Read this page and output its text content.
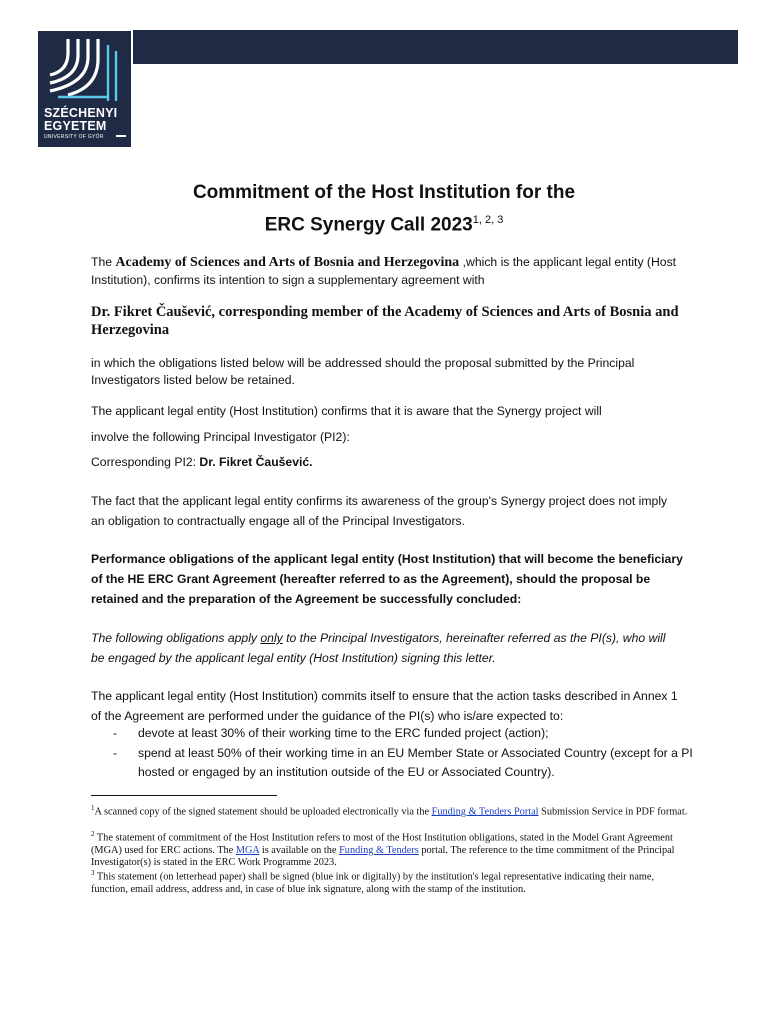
SZÉCHENYI
EGYETEM
UNIVERSITY OF GYŐR
Commitment of the Host Institution for the
ERC Synergy Call 2023$^{1, 2, 3}$
The Academy of Sciences and Arts of Bosnia and Herzegovina ,which is the applicant legal entity (Host Institution), confirms its intention to sign a supplementary agreement with
Dr. Fikret Čaušević, corresponding member of the Academy of Sciences and Arts of Bosnia and Herzegovina
in which the obligations listed below will be addressed should the proposal submitted by the Principal Investigators listed below be retained.
The applicant legal entity (Host Institution) confirms that it is aware that the Synergy project will
involve the following Principal Investigator (PI2):
Corresponding PI2: Dr. Fikret Čaušević.
The fact that the applicant legal entity confirms its awareness of the group's Synergy project does not imply an obligation to contractually engage all of the Principal Investigators.
Performance obligations of the applicant legal entity (Host Institution) that will become the beneficiary of the HE ERC Grant Agreement (hereafter referred to as the Agreement), should the proposal be retained and the preparation of the Agreement be successfully concluded:
The following obligations apply only to the Principal Investigators, hereinafter referred as the PI(s), who will be engaged by the applicant legal entity (Host Institution) signing this letter.
The applicant legal entity (Host Institution) commits itself to ensure that the action tasks described in Annex 1 of the Agreement are performed under the guidance of the PI(s) who is/are expected to:
- devote at least 30% of their working time to the ERC funded project (action);
- spend at least 50% of their working time in an EU Member State or Associated Country (except for a PI hosted or engaged by an institution outside of the EU or Associated Country).
$^1$A scanned copy of the signed statement should be uploaded electronically via the Funding & Tenders Portal Submission Service in PDF format.
$^2$ The statement of commitment of the Host Institution refers to most of the Host Institution obligations, stated in the Model Grant Agreement (MGA) used for ERC actions. The MGA is available on the Funding & Tenders portal. The reference to the time commitment of the Principal Investigator(s) is stated in the ERC Work Programme 2023.
$^3$ This statement (on letterhead paper) shall be signed (blue ink or digitally) by the institution's legal representative indicating their name, function, email address, address and, in case of blue ink signature, along with the stamp of the institution.
